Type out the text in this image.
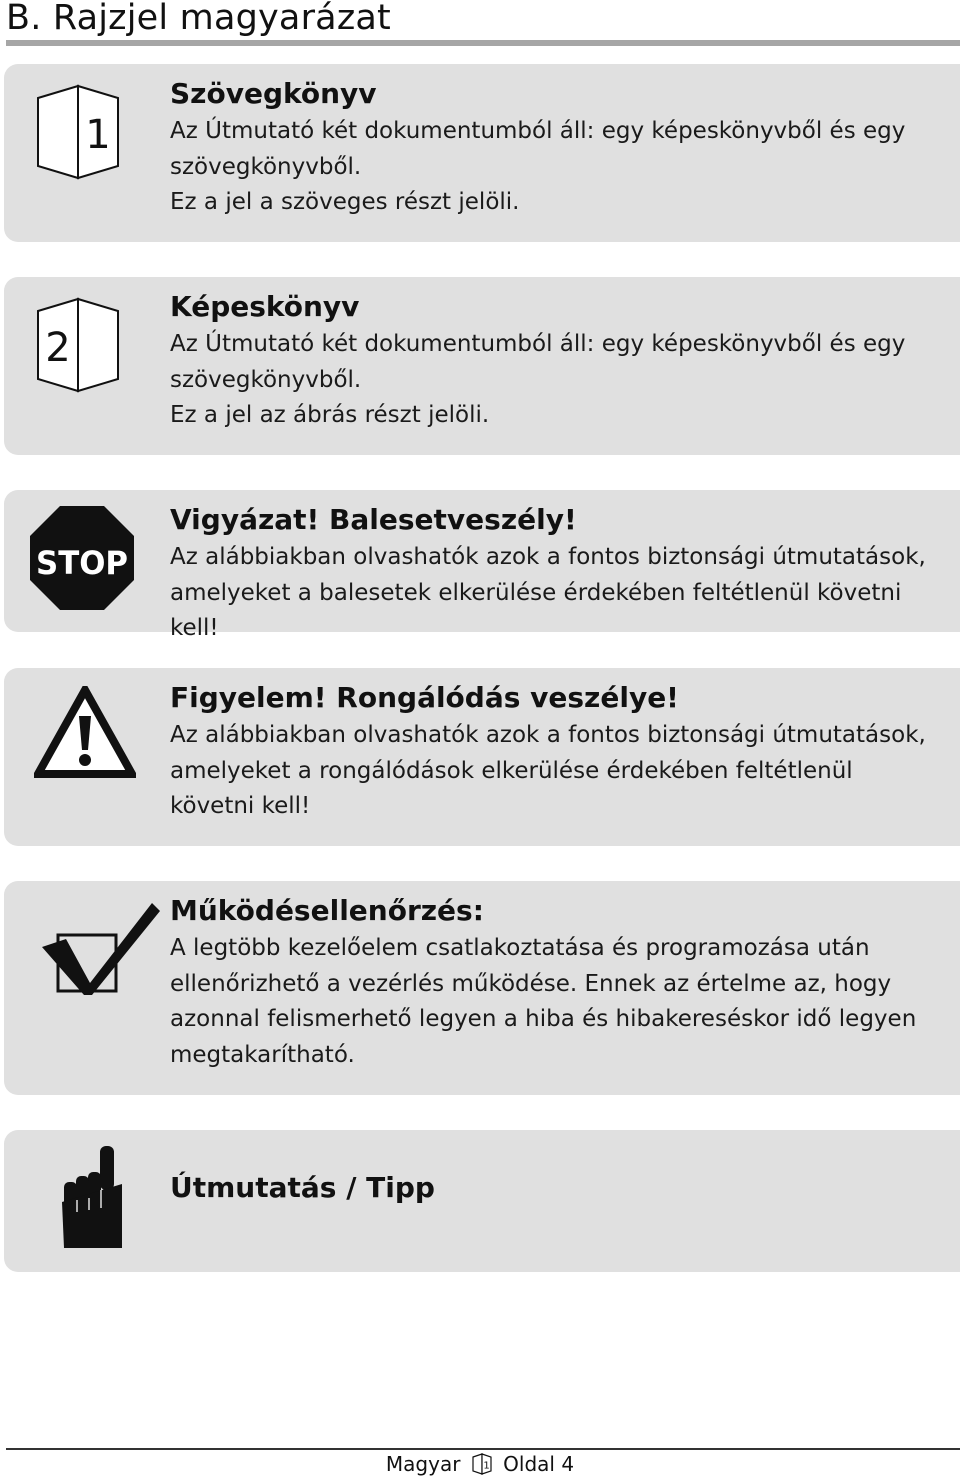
B. Rajzjel magyarázat
1
Szövegkönyv

Az Útmutató két dokumentumból áll: egy képeskönyvből és egy

szövegkönyvből.

Ez a jel a szöveges részt jelöli.

2
Képeskönyv

Az Útmutató két dokumentumból áll: egy képeskönyvből és egy

szövegkönyvből.

Ez a jel az ábrás részt jelöli.

STOP
Vigyázat! Balesetveszély!

Az alábbiakban olvashatók azok a fontos biztonsági útmutatások,

amelyeket a balesetek elkerülése érdekében feltétlenül követni kell!

Figyelem! Rongálódás veszélye!

Az alábbiakban olvashatók azok a fontos biztonsági útmutatások,

amelyeket a rongálódások elkerülése érdekében feltétlenül

követni kell!

Működésellenőrzés:

A legtöbb kezelőelem csatlakoztatása és programozása után

ellenőrizhető a vezérlés működése. Ennek az értelme az, hogy

azonnal felismerhető legyen a hiba és hibakereséskor idő legyen

megtakarítható.

Útmutatás / Tipp
Magyar 1 Oldal 4
